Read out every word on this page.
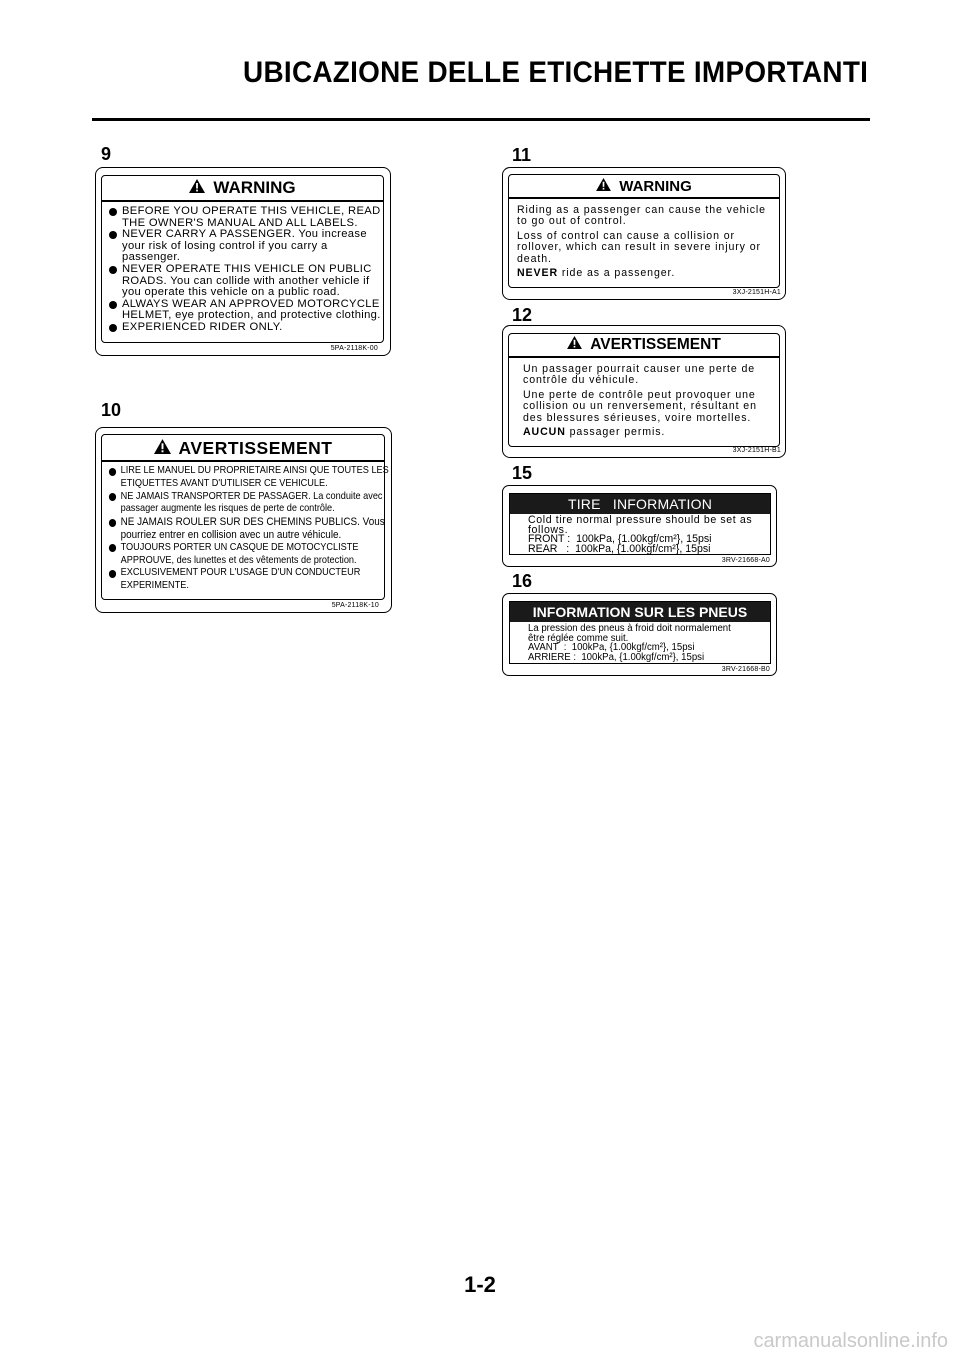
UBICAZIONE DELLE ETICHETTE IMPORTANTI
9
WARNING
BEFORE YOU OPERATE THIS VEHICLE, READ THE OWNER'S MANUAL AND ALL LABELS.
NEVER CARRY A PASSENGER. You increase your risk of losing control if you carry a passenger.
NEVER OPERATE THIS VEHICLE ON PUBLIC ROADS. You can collide with another vehicle if you operate this vehicle on a public road.
ALWAYS WEAR AN APPROVED MOTORCYCLE HELMET, eye protection, and protective clothing.
EXPERIENCED RIDER ONLY.
5PA-2118K-00
10
AVERTISSEMENT
LIRE LE MANUEL DU PROPRIETAIRE AINSI QUE TOUTES LES ETIQUETTES AVANT D'UTILISER CE VEHICULE.
NE JAMAIS TRANSPORTER DE PASSAGER. La conduite avec passager augmente les risques de perte de contrôle.
NE JAMAIS ROULER SUR DES CHEMINS PUBLICS. Vous pourriez entrer en collision avec un autre véhicule.
TOUJOURS PORTER UN CASQUE DE MOTOCYCLISTE APPROUVE, des lunettes et des vêtements de protection.
EXCLUSIVEMENT POUR L'USAGE D'UN CONDUCTEUR EXPERIMENTE.
5PA-2118K-10
11
WARNING

Riding as a passenger can cause the vehicle to go out of control.

Loss of control can cause a collision or rollover, which can result in severe injury or death.

NEVER ride as a passenger.

3XJ-2151H-A1
12
AVERTISSEMENT

Un passager pourrait causer une perte de contrôle du véhicule.

Une perte de contrôle peut provoquer une collision ou un renversement, résultant en des blessures sérieuses, voire mortelles.

AUCUN passager permis.

3XJ-2151H-B1
15
TIRE   INFORMATION
Cold tire normal pressure should be set as
follows.
FRONT :  100kPa, {1.00kgf/cm²}, 15psi
REAR   :  100kPa, {1.00kgf/cm²}, 15psi
3RV-21668-A0
16
INFORMATION SUR LES PNEUS
La pression des pneus à froid doit normalement
être réglée comme suit.
AVANT  :  100kPa, {1.00kgf/cm²}, 15psi
ARRIERE :  100kPa, {1.00kgf/cm²}, 15psi
3RV-21668-B0
1-2
carmanualsonline.info
